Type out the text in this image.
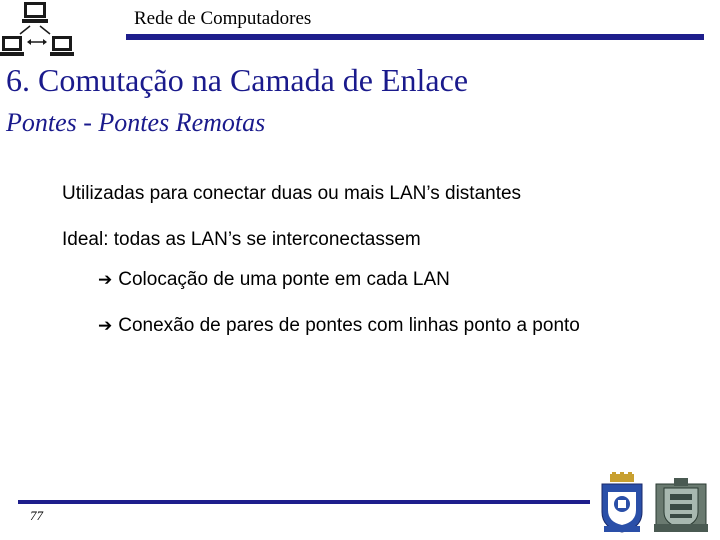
Rede de Computadores
6. Comutação na Camada de Enlace
Pontes - Pontes Remotas
Utilizadas para conectar duas ou mais LAN’s distantes
Ideal: todas as LAN’s se interconectassem
➔ Colocação de uma ponte em cada LAN
➔ Conexão de pares de pontes com linhas ponto a ponto
77
